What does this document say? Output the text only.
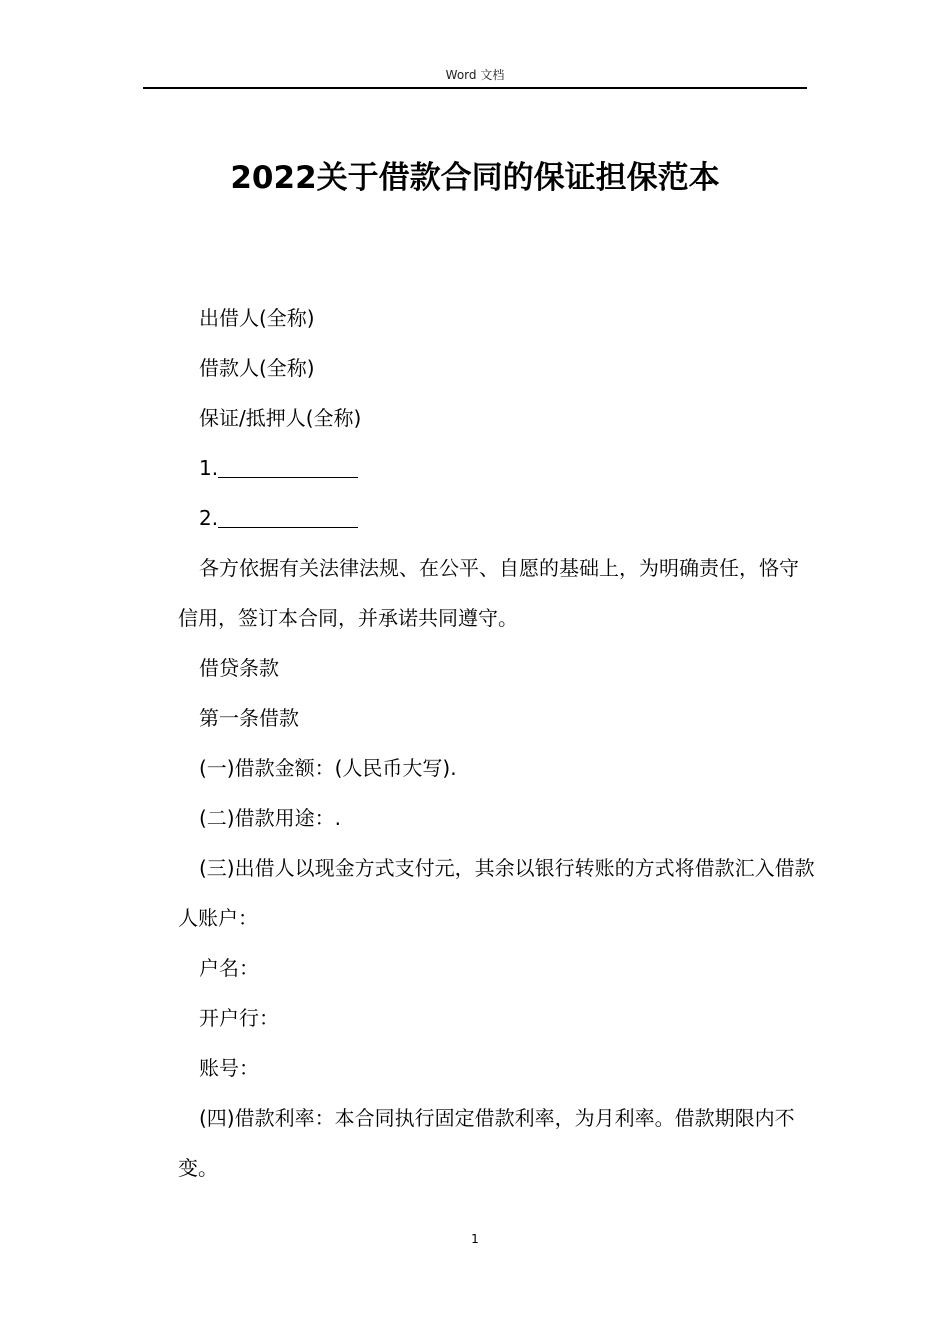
Word 文档
2022关于借款合同的保证担保范本

出借人(全称)

借款人(全称)

保证/抵押人(全称)

1.

2.

各方依据有关法律法规、在公平、自愿的基础上，为明确责任，恪守信用，签订本合同，并承诺共同遵守。

借贷条款

第一条借款

(一)借款金额：(人民币大写).

(二)借款用途：.

(三)出借人以现金方式支付元，其余以银行转账的方式将借款汇入借款人账户：

户名：

开户行：

账号：

(四)借款利率：本合同执行固定借款利率，为月利率。借款期限内不变。

1
